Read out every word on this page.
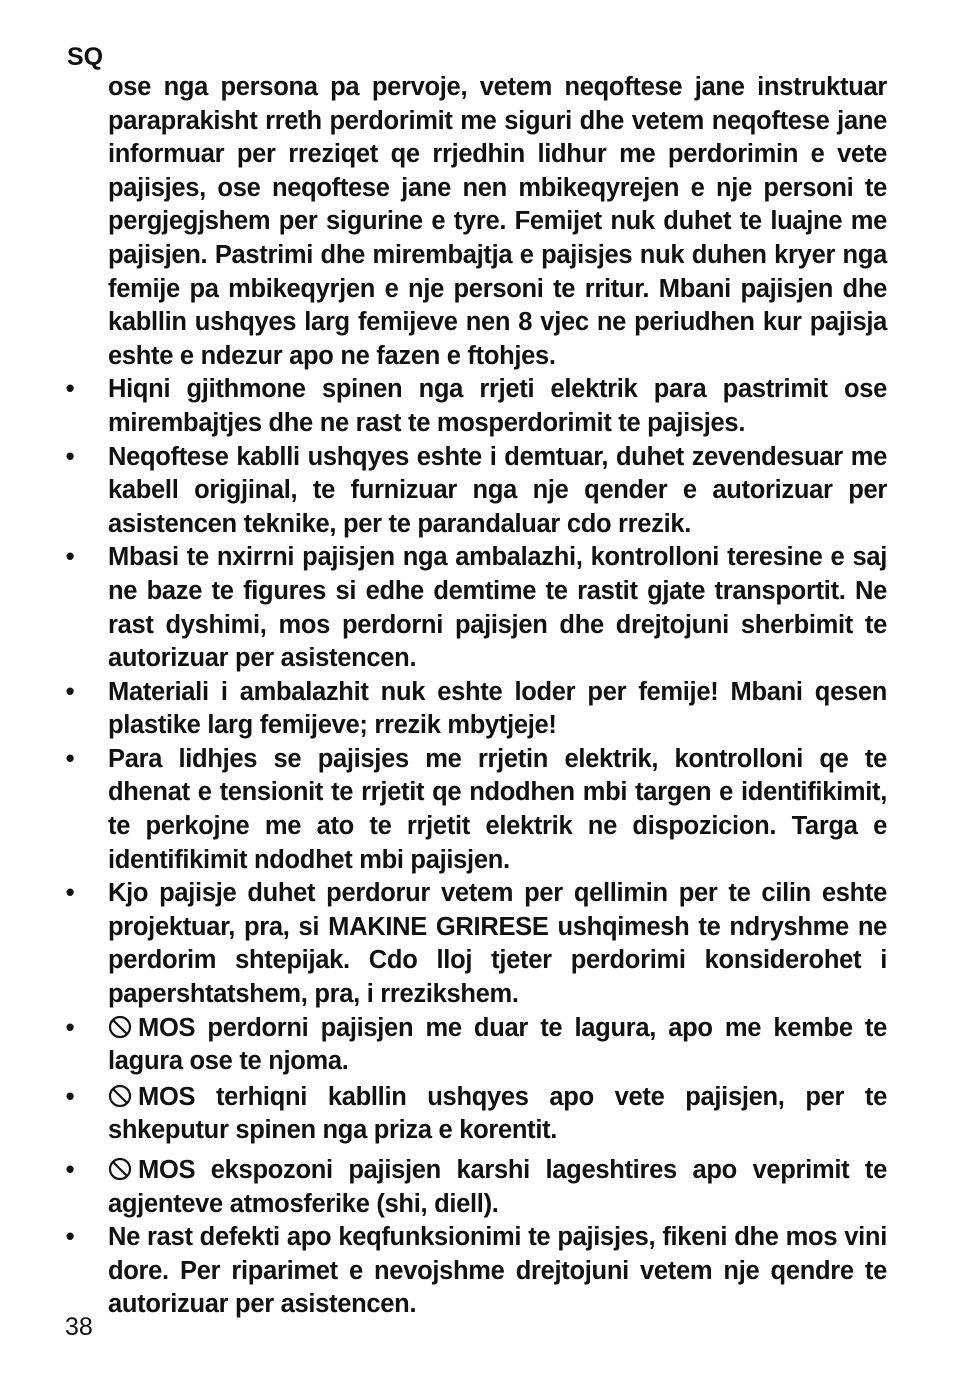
SQ

ose nga persona pa pervoje, vetem neqoftese jane instruktuar paraprakisht rreth perdorimit me siguri dhe vetem neqoftese jane informuar per rreziqet qe rrjedhin lidhur me perdorimin e vete pajisjes, ose neqoftese jane nen mbikeqyrejen e nje personi te pergjegjshem per sigurine e tyre. Femijet nuk duhet te luajne me pajisjen. Pastrimi dhe mirembajtja e pajisjes nuk duhen kryer nga femije pa mbikeqyrjen e nje personi te rritur. Mbani pajisjen dhe kabllin ushqyes larg femijeve nen 8 vjec ne periudhen kur pajisja eshte e ndezur apo ne fazen e ftohjes.

• Hiqni gjithmone spinen nga rrjeti elektrik para pastrimit ose mirembajtjes dhe ne rast te mosperdorimit te pajisjes.
• Neqoftese kablli ushqyes eshte i demtuar, duhet zevendesuar me kabell origjinal, te furnizuar nga nje qender e autorizuar per asistencen teknike, per te parandaluar cdo rrezik.
• Mbasi te nxirrni pajisjen nga ambalazhi, kontrolloni teresine e saj ne baze te figures si edhe demtime te rastit gjate transportit. Ne rast dyshimi, mos perdorni pajisjen dhe drejtojuni sherbimit te autorizuar per asistencen.
• Materiali i ambalazhit nuk eshte loder per femije! Mbani qesen plastike larg femijeve; rrezik mbytjeje!
• Para lidhjes se pajisjes me rrjetin elektrik, kontrolloni qe te dhenat e tensionit te rrjetit qe ndodhen mbi targen e identifikimit, te perkojne me ato te rrjetit elektrik ne dispozicion. Targa e identifikimit ndodhet mbi pajisjen.
• Kjo pajisje duhet perdorur vetem per qellimin per te cilin eshte projektuar, pra, si MAKINE GRIRESE ushqimesh te ndryshme ne perdorim shtepijak. Cdo lloj tjeter perdorimi konsiderohet i papershtatshem, pra, i rrezikshem.
• MOS perdorni pajisjen me duar te lagura, apo me kembe te lagura ose te njoma.
• MOS terhiqni kabllin ushqyes apo vete pajisjen, per te shkeputur spinen nga priza e korentit.
• MOS ekspozoni pajisjen karshi lageshtires apo veprimit te agjenteve atmosferike (shi, diell).
• Ne rast defekti apo keqfunksionimi te pajisjes, fikeni dhe mos vini dore. Per riparimet e nevojshme drejtojuni vetem nje qendre te autorizuar per asistencen.
38
